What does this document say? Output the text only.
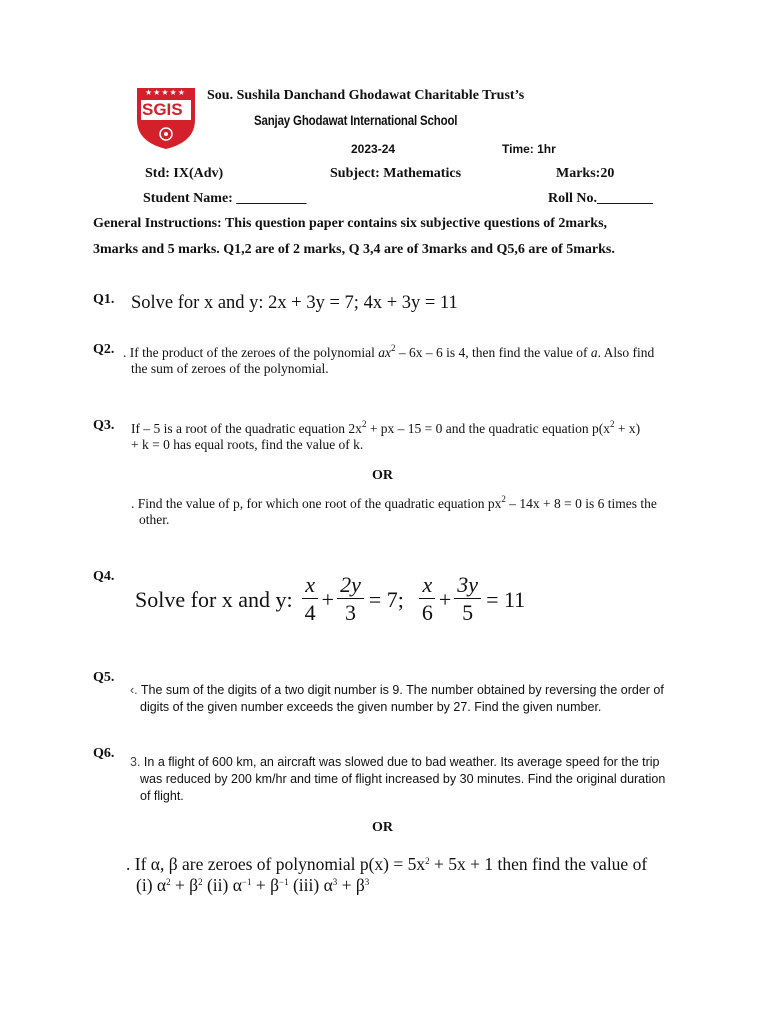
★★★★★
SGIS
Sou. Sushila Danchand Ghodawat Charitable Trust’s
Sanjay Ghodawat International School
2023-24	Time: 1hr
Std: IX(Adv)	Subject: Mathematics	Marks:20
Student Name: __________	Roll No.________
General Instructions: This question paper contains six subjective questions of 2marks,
3marks and 5 marks. Q1,2 are of 2 marks, Q 3,4 are of 3marks and Q5,6 are of 5marks.
Q1. Solve for x and y: 2x + 3y = 7; 4x + 3y = 11
Q2. . If the product of the zeroes of the polynomial $ax^2 - 6x - 6$ is 4, then find the value of a. Also find
the sum of zeroes of the polynomial.
Q3. If – 5 is a root of the quadratic equation $2x^2$ + px – 15 = 0 and the quadratic equation $p(x^2 + x)$
+ k = 0 has equal roots, find the value of k.
OR
. Find the value of p, for which one root of the quadratic equation $px^2 - 14x + 8 = 0$ is 6 times the
other.
Q4.
Solve for x and y: $\frac{x}{4} + \frac{2y}{3} = 7$; $\frac{x}{6} + \frac{3y}{5} = 11$
Q5.
‹. The sum of the digits of a two digit number is 9. The number obtained by reversing the order of
digits of the given number exceeds the given number by 27. Find the given number.
Q6.
3. In a flight of 600 km, an aircraft was slowed due to bad weather. Its average speed for the trip
was reduced by 200 km/hr and time of flight increased by 30 minutes. Find the original duration
of flight.
OR
. If α, β are zeroes of polynomial $p(x) = 5x^2 + 5x + 1$ then find the value of
(i) $\alpha^2 + \beta^2$ (ii) $\alpha^{-1} + \beta^{-1}$ (iii) $\alpha^3 + \beta^3$
